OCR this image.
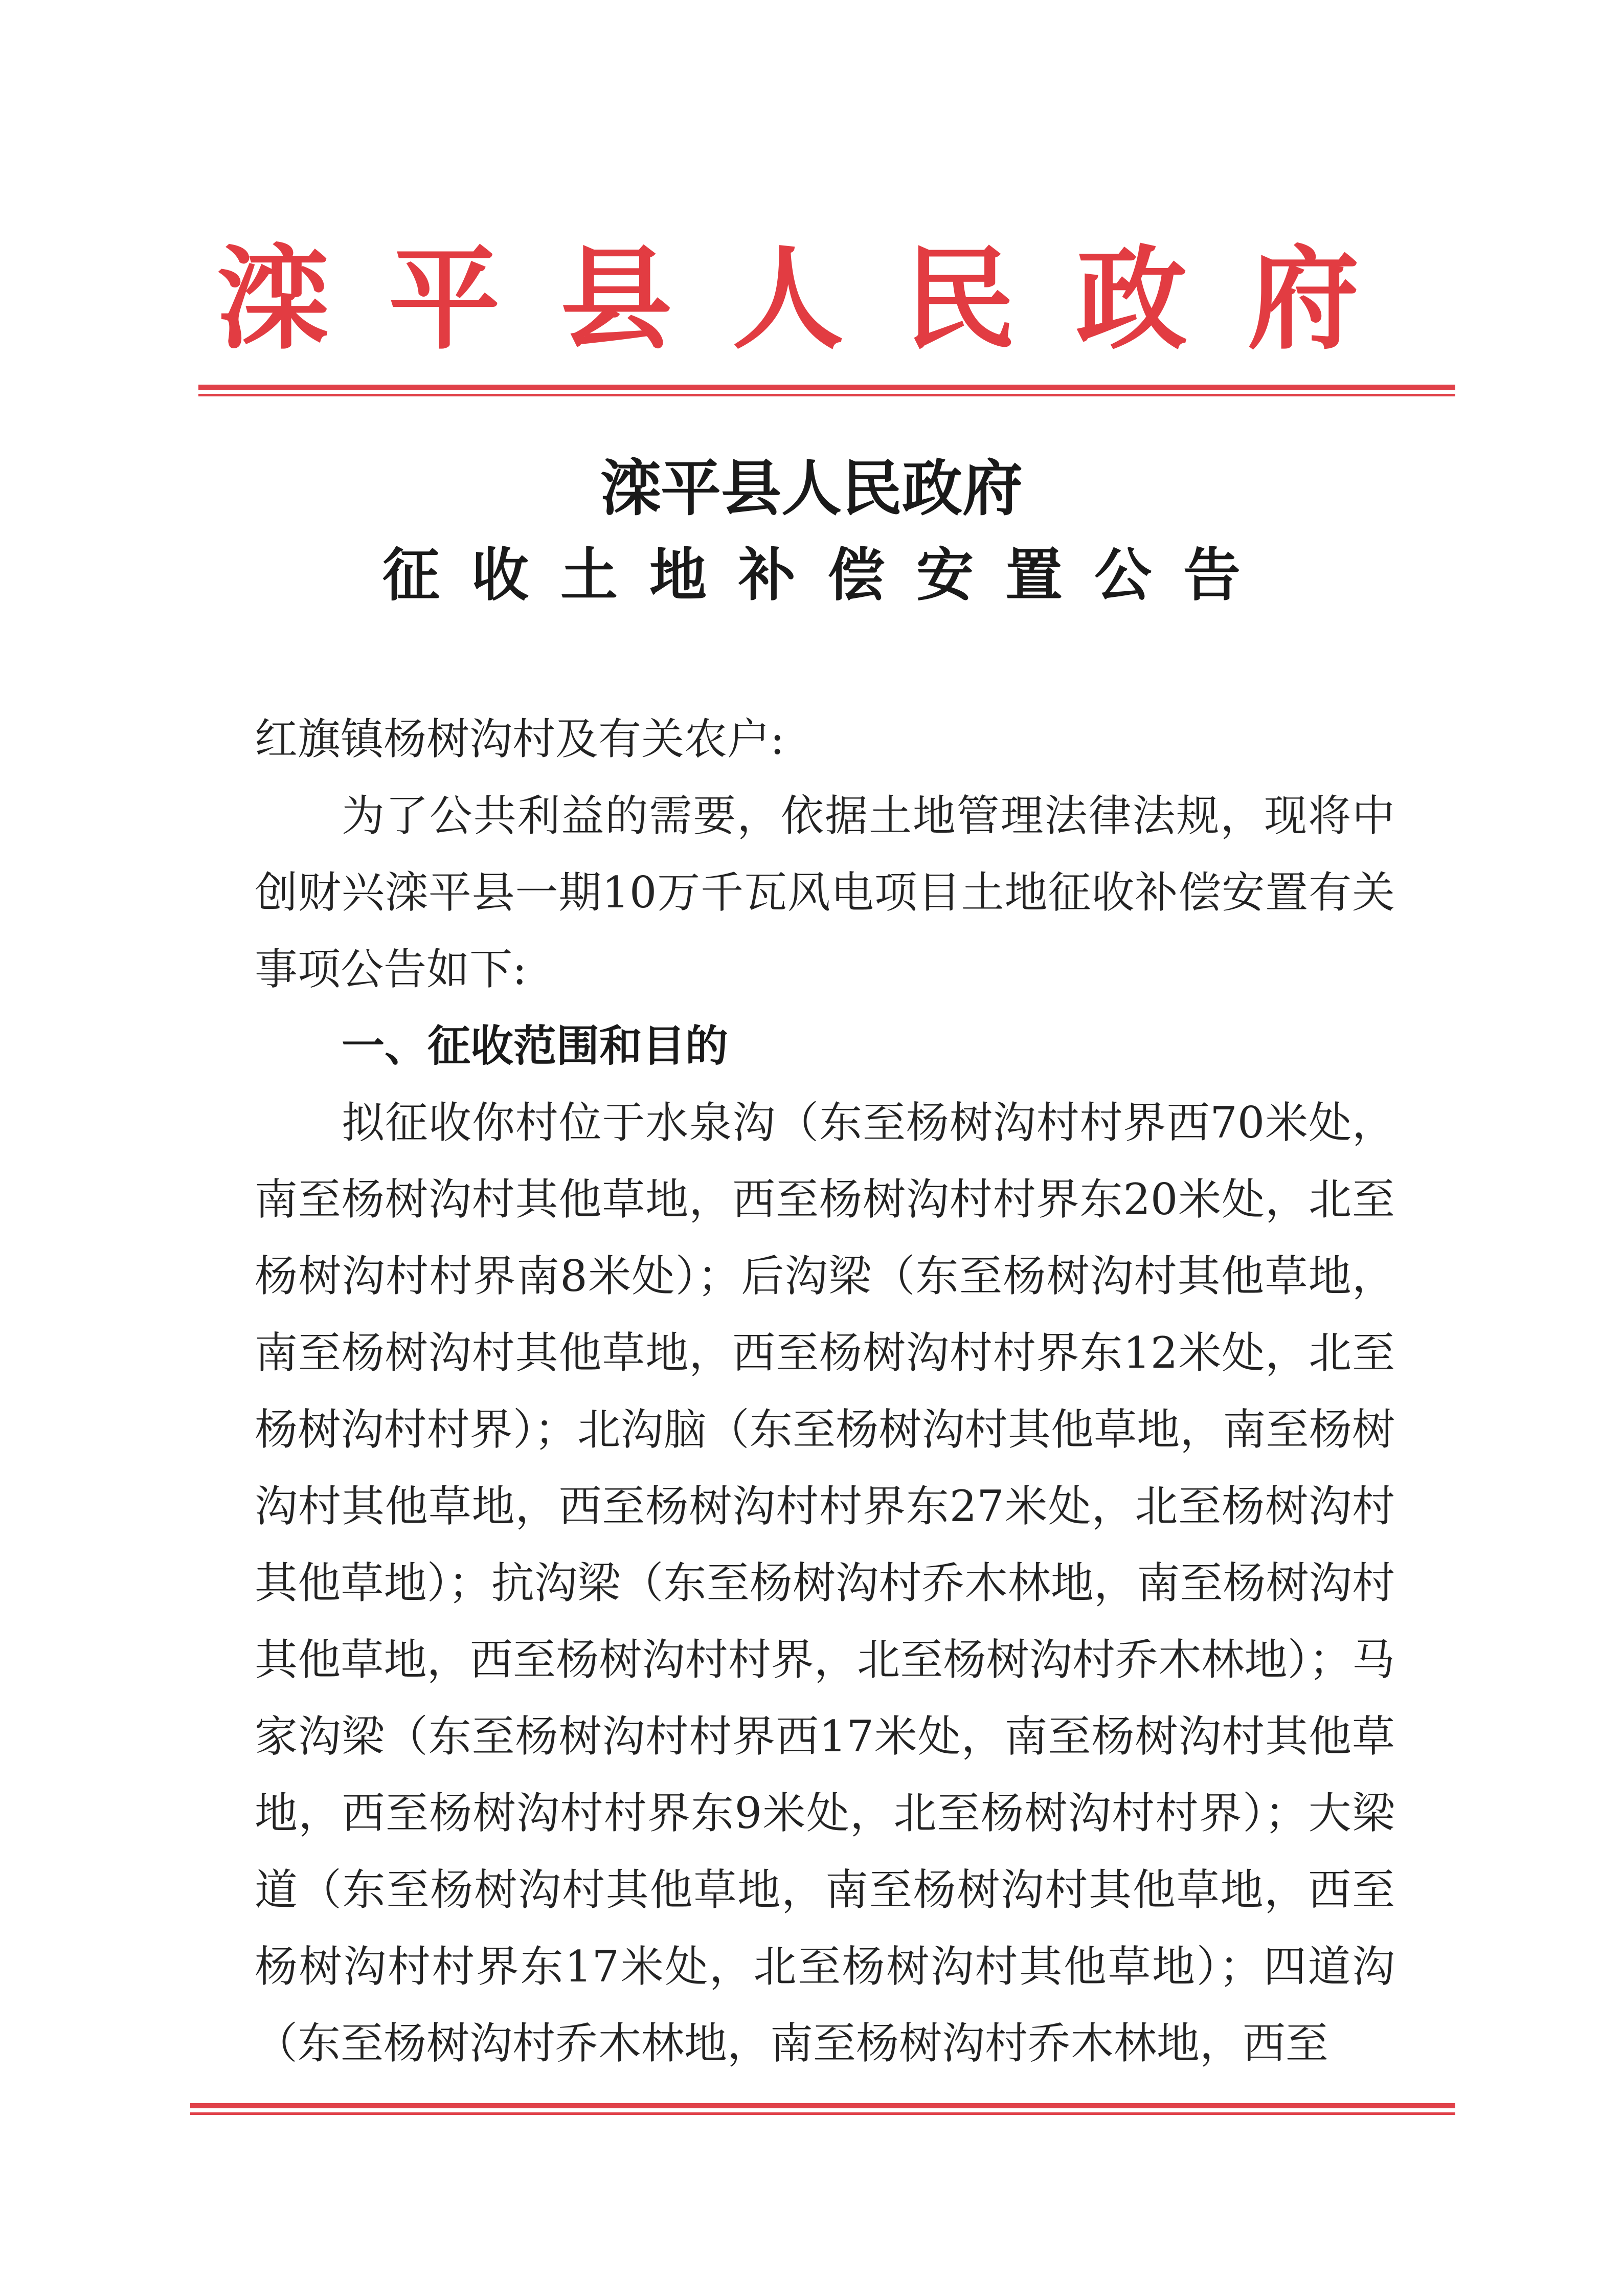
滦平县人民政府
滦平县人民政府
征收土地补偿安置公告

红旗镇杨树沟村及有关农户:

为了公共利益的需要，依据土地管理法律法规，现将中创财兴滦平县一期10万千瓦风电项目土地征收补偿安置有关事项公告如下:

一、征收范围和目的

拟征收你村位于水泉沟（东至杨树沟村村界西70米处，南至杨树沟村其他草地，西至杨树沟村村界东20米处，北至杨树沟村村界南8米处）；后沟梁（东至杨树沟村其他草地，南至杨树沟村其他草地，西至杨树沟村村界东12米处，北至杨树沟村村界）；北沟脑（东至杨树沟村其他草地，南至杨树沟村其他草地，西至杨树沟村村界东27米处，北至杨树沟村其他草地）；抗沟梁（东至杨树沟村乔木林地，南至杨树沟村其他草地，西至杨树沟村村界，北至杨树沟村乔木林地）；马家沟梁（东至杨树沟村村界西17米处，南至杨树沟村其他草地，西至杨树沟村村界东9米处，北至杨树沟村村界）；大梁道（东至杨树沟村其他草地，南至杨树沟村其他草地，西至杨树沟村村界东17米处，北至杨树沟村其他草地）；四道沟（东至杨树沟村乔木林地，南至杨树沟村乔木林地，西至
